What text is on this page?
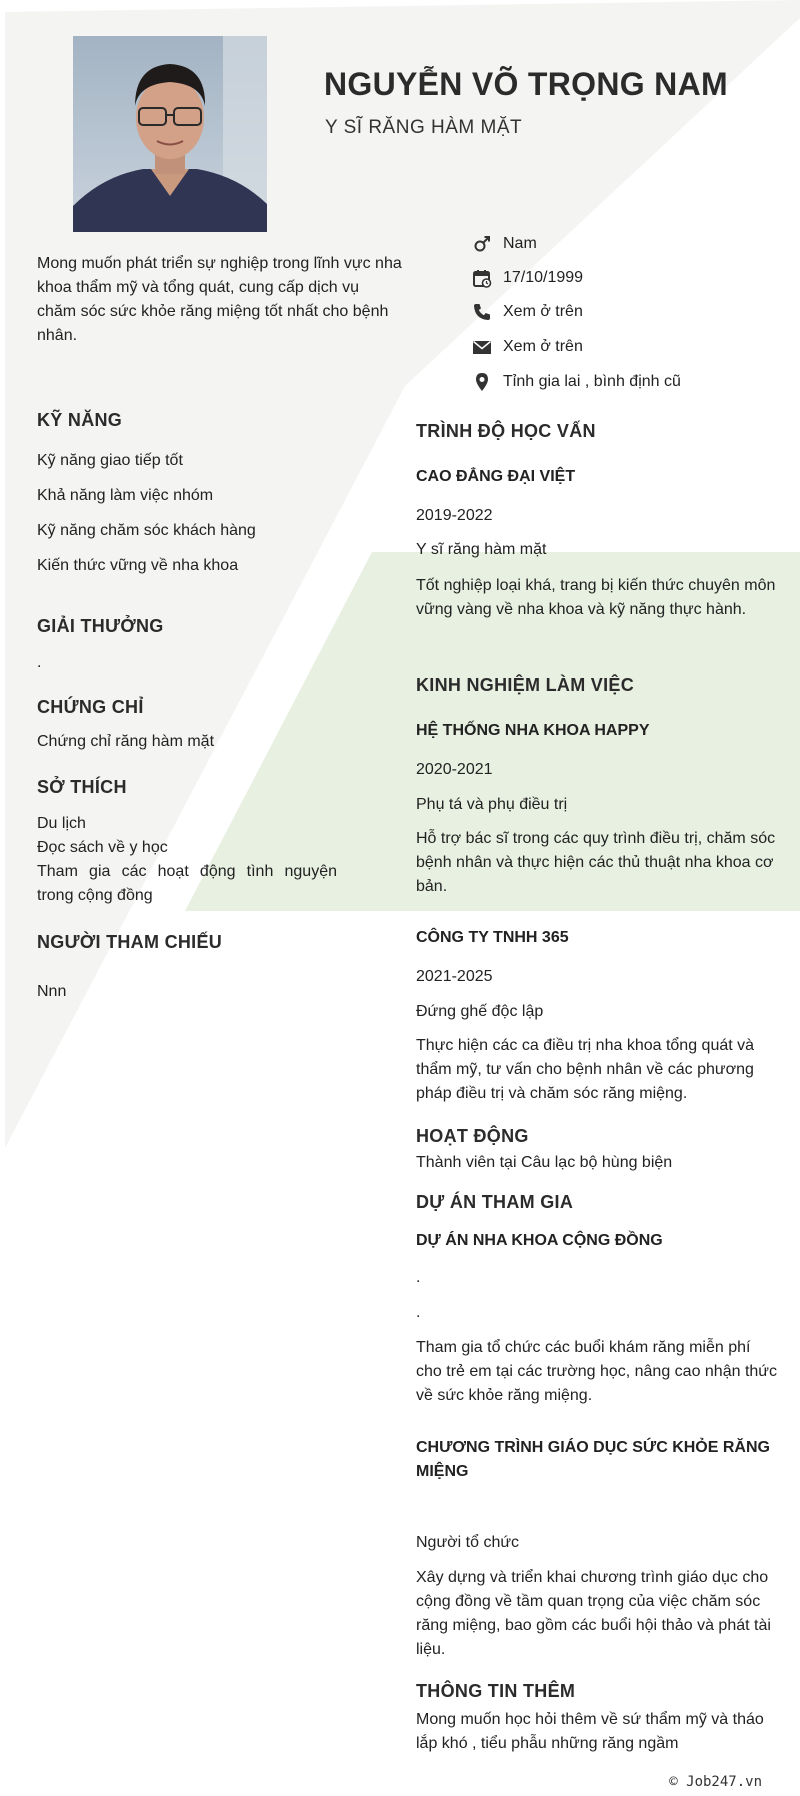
NGUYỄN VÕ TRỌNG NAM
Y SĨ RĂNG HÀM MẶT
Mong muốn phát triển sự nghiệp trong lĩnh vực nha khoa thẩm mỹ và tổng quát, cung cấp dịch vụ chăm sóc sức khỏe răng miệng tốt nhất cho bệnh nhân.
Nam
17/10/1999
Xem ở trên
Xem ở trên
Tỉnh gia lai , bình định cũ
KỸ NĂNG
Kỹ năng giao tiếp tốt
Khả năng làm việc nhóm
Kỹ năng chăm sóc khách hàng
Kiến thức vững về nha khoa
GIẢI THƯỞNG
.
CHỨNG CHỈ
Chứng chỉ răng hàm mặt
SỞ THÍCH
Du lịch
Đọc sách về y học
Tham gia các hoạt động tình nguyện trong cộng đồng
NGƯỜI THAM CHIẾU
Nnn
TRÌNH ĐỘ HỌC VẤN
CAO ĐẲNG ĐẠI VIỆT
2019-2022
Y sĩ răng hàm mặt
Tốt nghiệp loại khá, trang bị kiến thức chuyên môn vững vàng về nha khoa và kỹ năng thực hành.
KINH NGHIỆM LÀM VIỆC
HỆ THỐNG NHA KHOA HAPPY
2020-2021
Phụ tá và phụ điều trị
Hỗ trợ bác sĩ trong các quy trình điều trị, chăm sóc bệnh nhân và thực hiện các thủ thuật nha khoa cơ bản.
CÔNG TY TNHH 365
2021-2025
Đứng ghế độc lập
Thực hiện các ca điều trị nha khoa tổng quát và thẩm mỹ, tư vấn cho bệnh nhân về các phương pháp điều trị và chăm sóc răng miệng.
HOẠT ĐỘNG
Thành viên tại Câu lạc bộ hùng biện
DỰ ÁN THAM GIA
DỰ ÁN NHA KHOA CỘNG ĐỒNG
.
.
Tham gia tổ chức các buổi khám răng miễn phí cho trẻ em tại các trường học, nâng cao nhận thức về sức khỏe răng miệng.
CHƯƠNG TRÌNH GIÁO DỤC SỨC KHỎE RĂNG MIỆNG
Người tổ chức
Xây dựng và triển khai chương trình giáo dục cho cộng đồng về tầm quan trọng của việc chăm sóc răng miệng, bao gồm các buổi hội thảo và phát tài liệu.
THÔNG TIN THÊM
Mong muốn học hỏi thêm về sứ thẩm mỹ và tháo lắp khó , tiểu phẫu những răng ngầm
© Job247.vn
